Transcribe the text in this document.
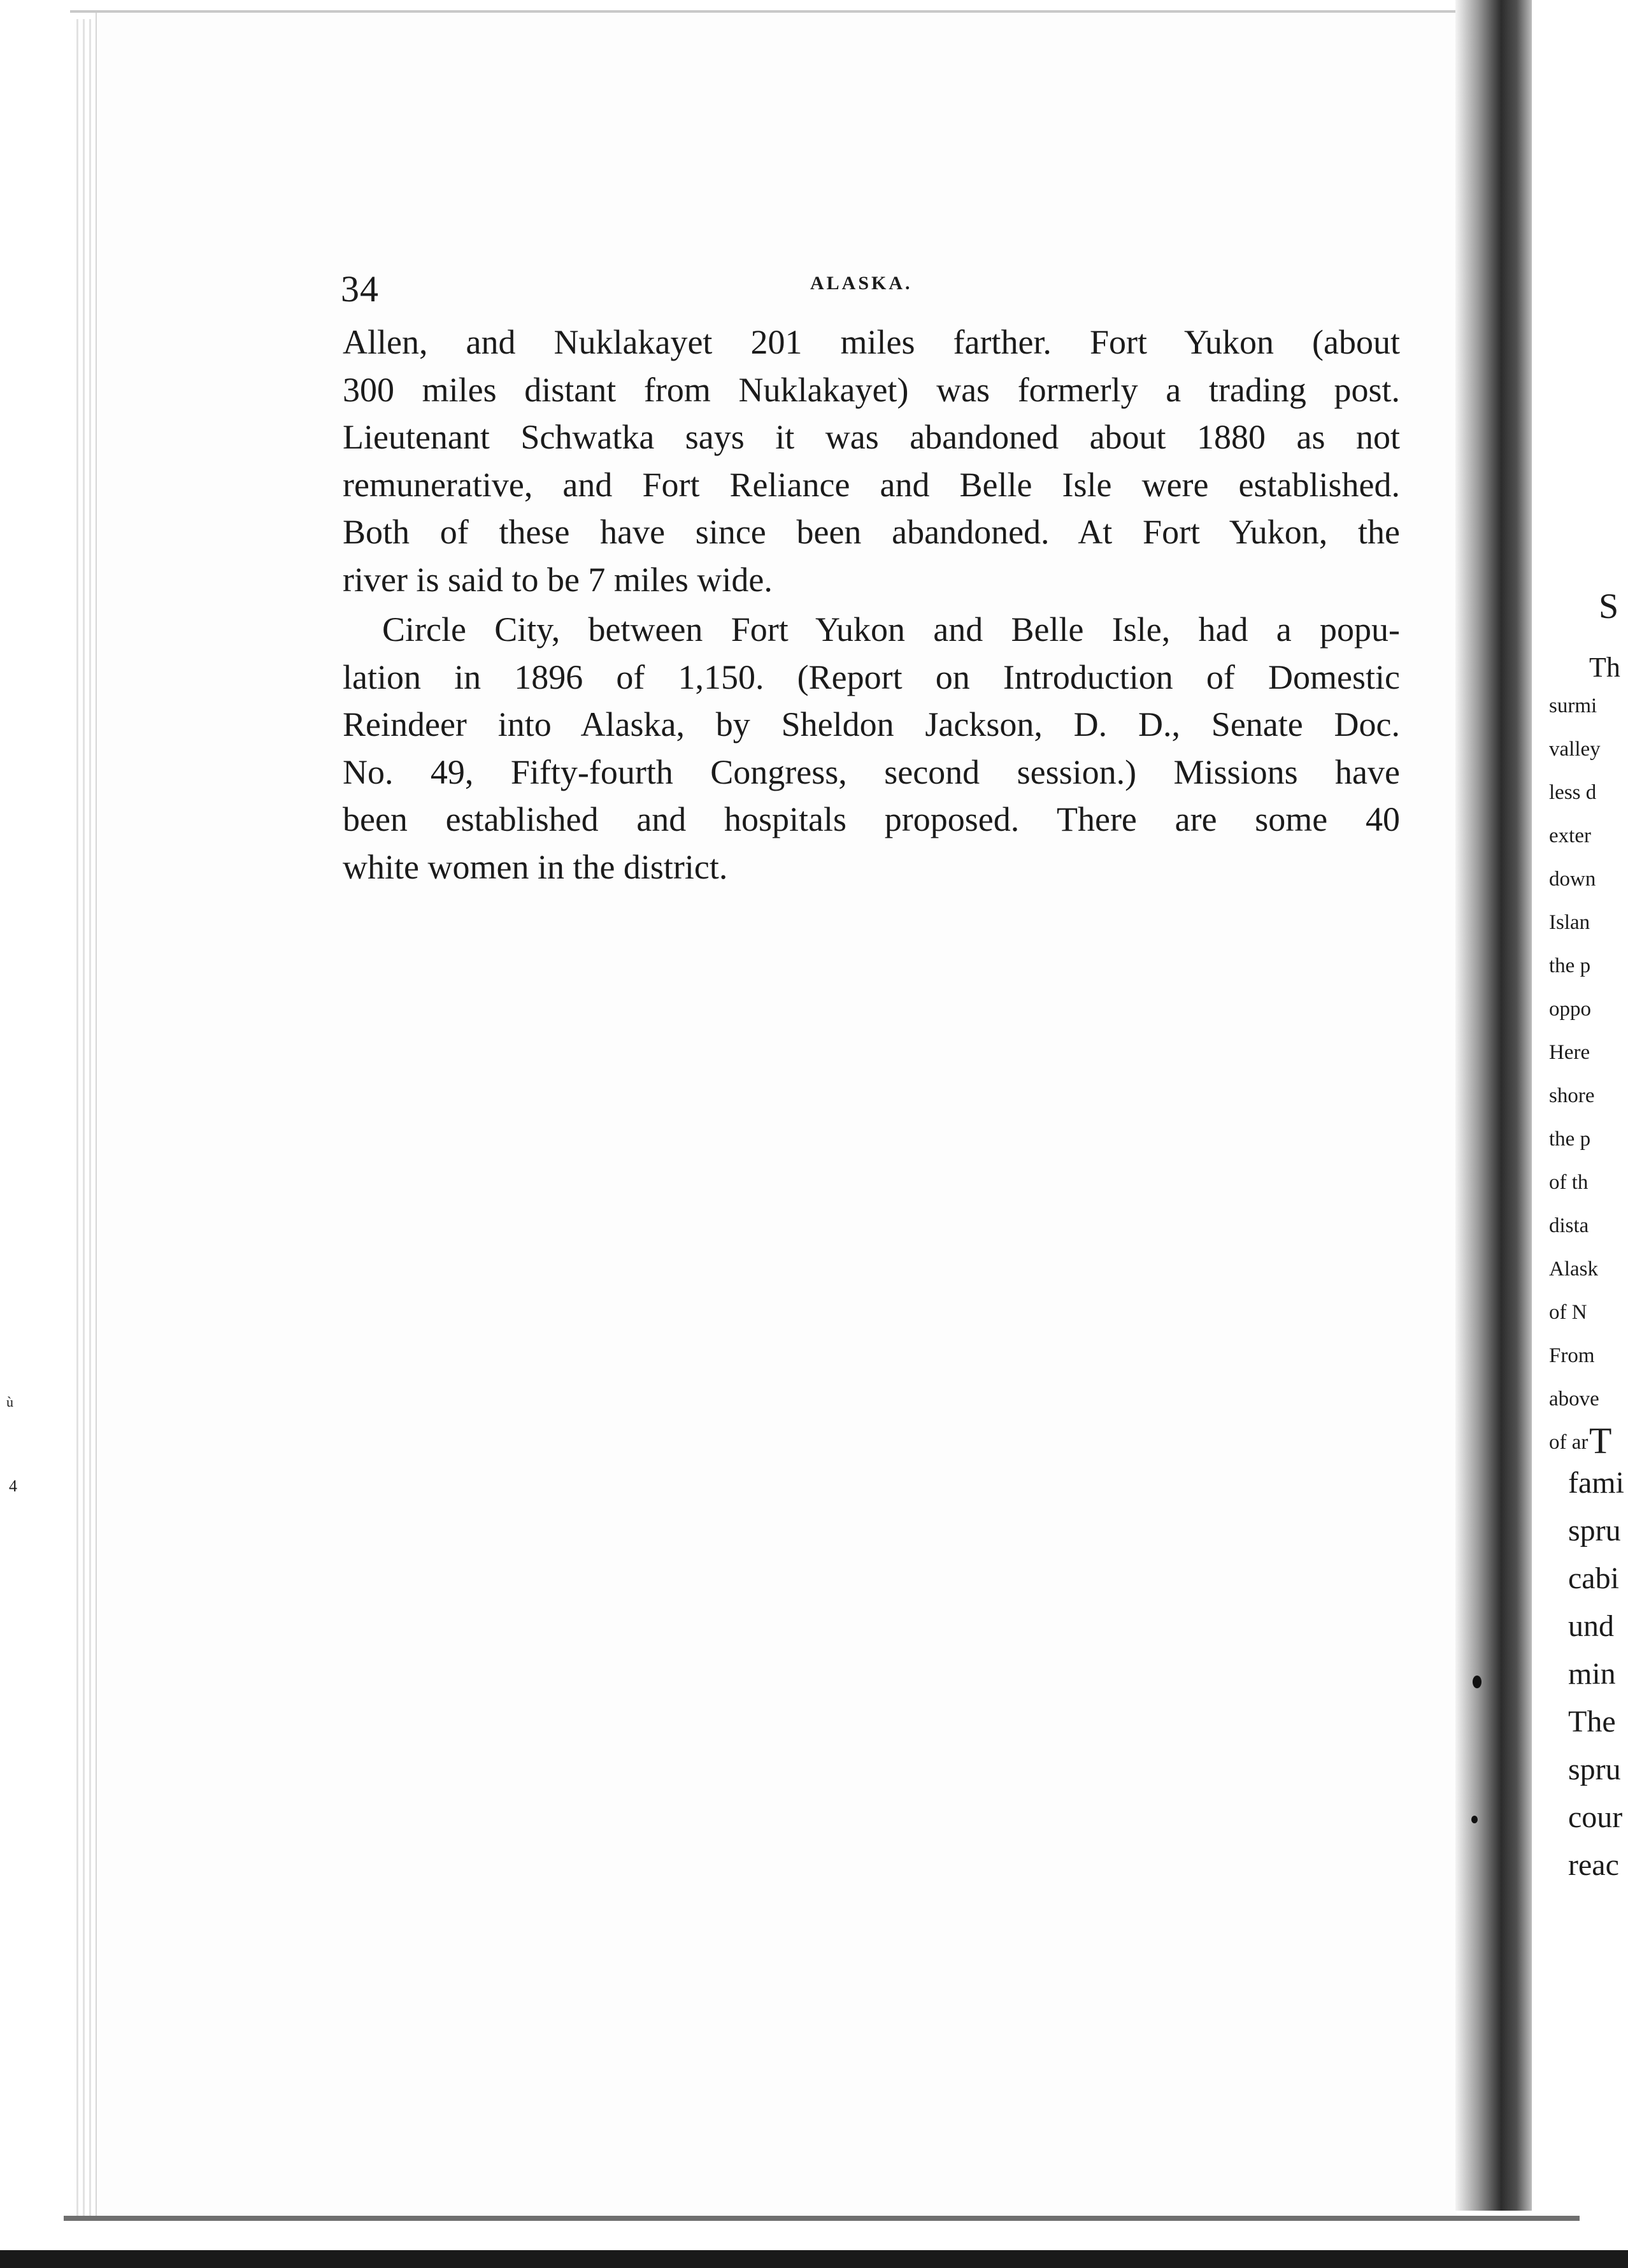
34	ALASKA.

Allen, and Nuklakayet 201 miles farther. Fort Yukon (about
300 miles distant from Nuklakayet) was formerly a trading post.
Lieutenant Schwatka says it was abandoned about 1880 as not
remunerative, and Fort Reliance and Belle Isle were established.
Both of these have since been abandoned. At Fort Yukon, the
river is said to be 7 miles wide.

Circle City, between Fort Yukon and Belle Isle, had a popu-
lation in 1896 of 1,150. (Report on Introduction of Domestic
Reindeer into Alaska, by Sheldon Jackson, D. D., Senate Doc.
No. 49, Fifty-fourth Congress, second session.) Missions have
been established and hospitals proposed. There are some 40
white women in the district.

S
Th
surmi
valley
less d
exter
down
Islan
the p
oppo
Here
shore
the p
of th
dista
Alask
of N
From
above
of ar T
fami
spru
cabi
und
min
The
spru
cour
reac
ù
4
